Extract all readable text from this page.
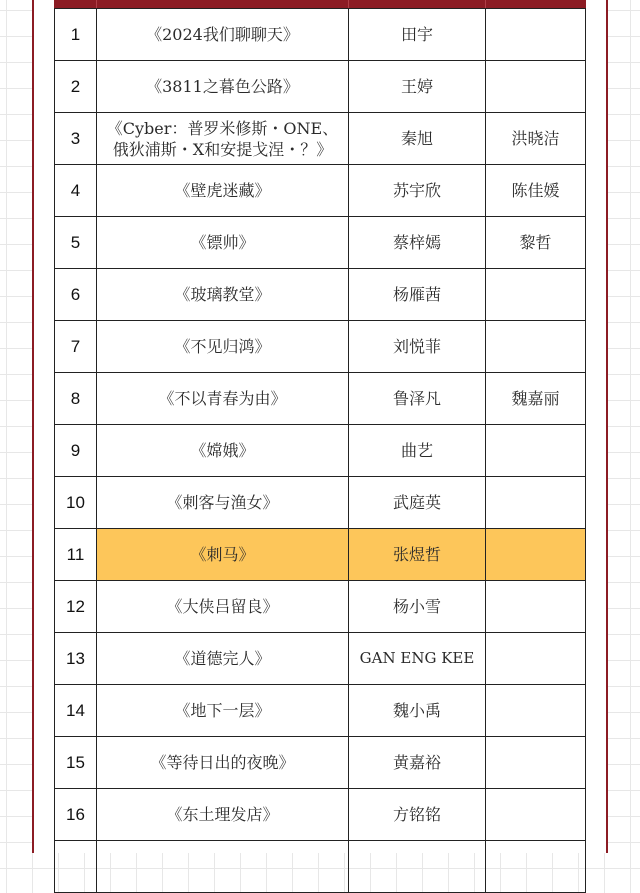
1	《2024我们聊聊天》	田宇	
2	《3811之暮色公路》	王婷	
3	《Cyber：普罗米修斯・ONE、俄狄浦斯・X和安提戈涅・？》	秦旭	洪晓洁
4	《壁虎迷藏》	苏宇欣	陈佳媛
5	《镖帅》	蔡梓嫣	黎哲
6	《玻璃教堂》	杨雁茜	
7	《不见归鸿》	刘悦菲	
8	《不以青春为由》	鲁泽凡	魏嘉丽
9	《嫦娥》	曲艺	
10	《刺客与渔女》	武庭英	
11	《刺马》	张煜哲	
12	《大侠吕留良》	杨小雪	
13	《道德完人》	GAN ENG KEE	
14	《地下一层》	魏小禹	
15	《等待日出的夜晚》	黄嘉裕	
16	《东土理发店》	方铭铭	
